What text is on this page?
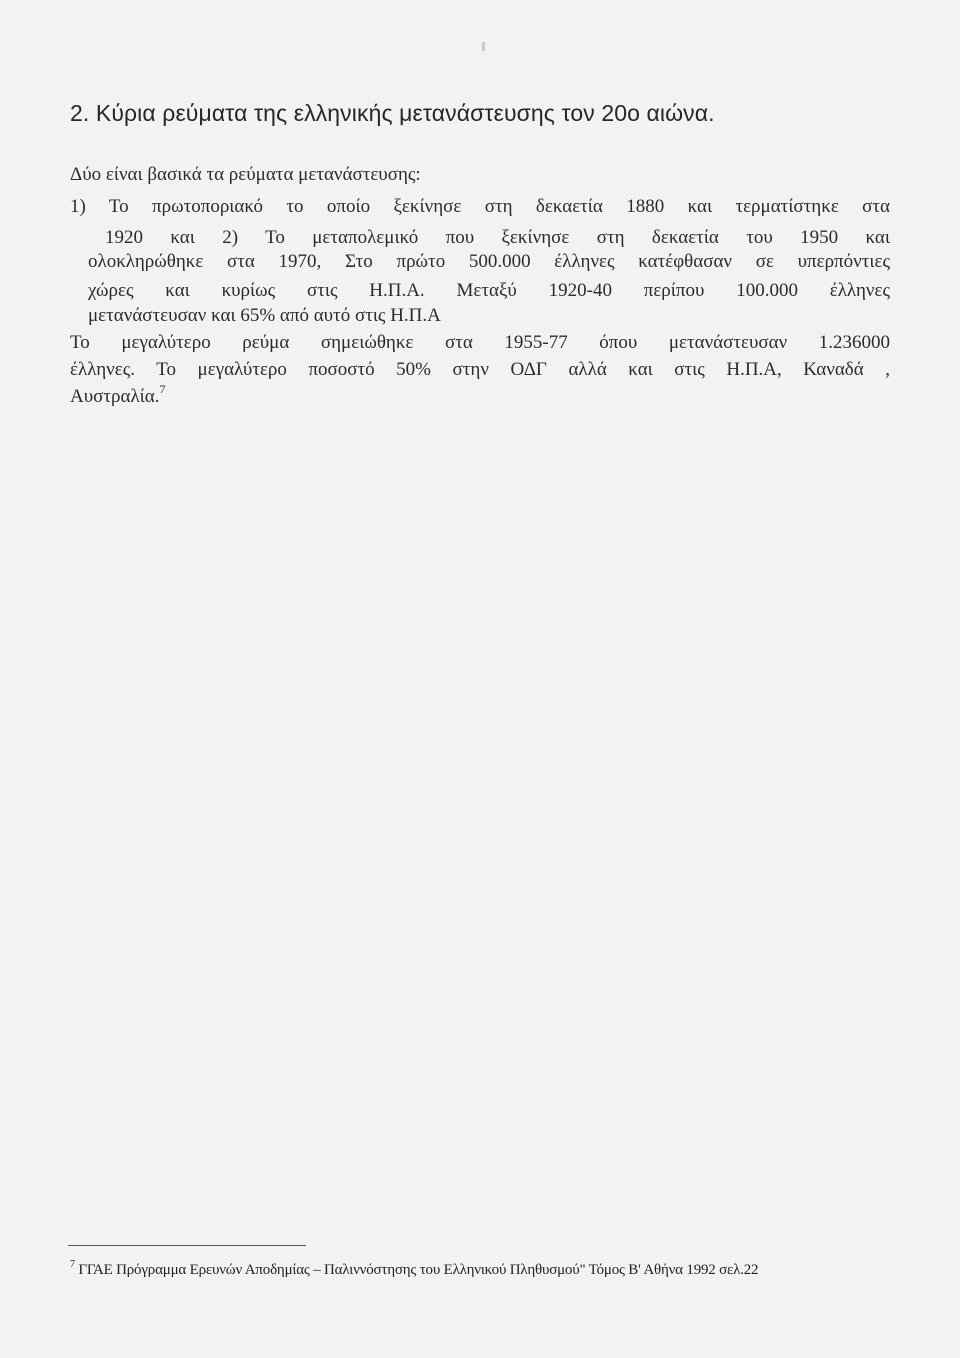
2. Κύρια ρεύματα της ελληνικής μετανάστευσης τον 20ο αιώνα.
Δύο είναι βασικά τα ρεύματα μετανάστευσης:
1) Το πρωτοποριακό το οποίο ξεκίνησε στη δεκαετία 1880 και τερματίστηκε στα
1920 και 2) Το μεταπολεμικό που ξεκίνησε στη δεκαετία του 1950 και
ολοκληρώθηκε στα 1970, Στο πρώτο 500.000 έλληνες κατέφθασαν σε υπερπόντιες
χώρες και κυρίως στις Η.Π.Α. Μεταξύ 1920-40 περίπου 100.000 έλληνες
μετανάστευσαν και 65% από αυτό στις Η.Π.Α
Το μεγαλύτερο ρεύμα σημειώθηκε στα 1955-77 όπου μετανάστευσαν 1.236000
έλληνες. Το μεγαλύτερο ποσοστό 50% στην ΟΔΓ αλλά και στις Η.Π.Α, Καναδά ,
Αυστραλία.$^7$
$^7$ ΓΓΑΕ Πρόγραμμα Ερευνών Αποδημίας – Παλιννόστησης του Ελληνικού Πληθυσμού" Τόμος Β' Αθήνα 1992 σελ.22
